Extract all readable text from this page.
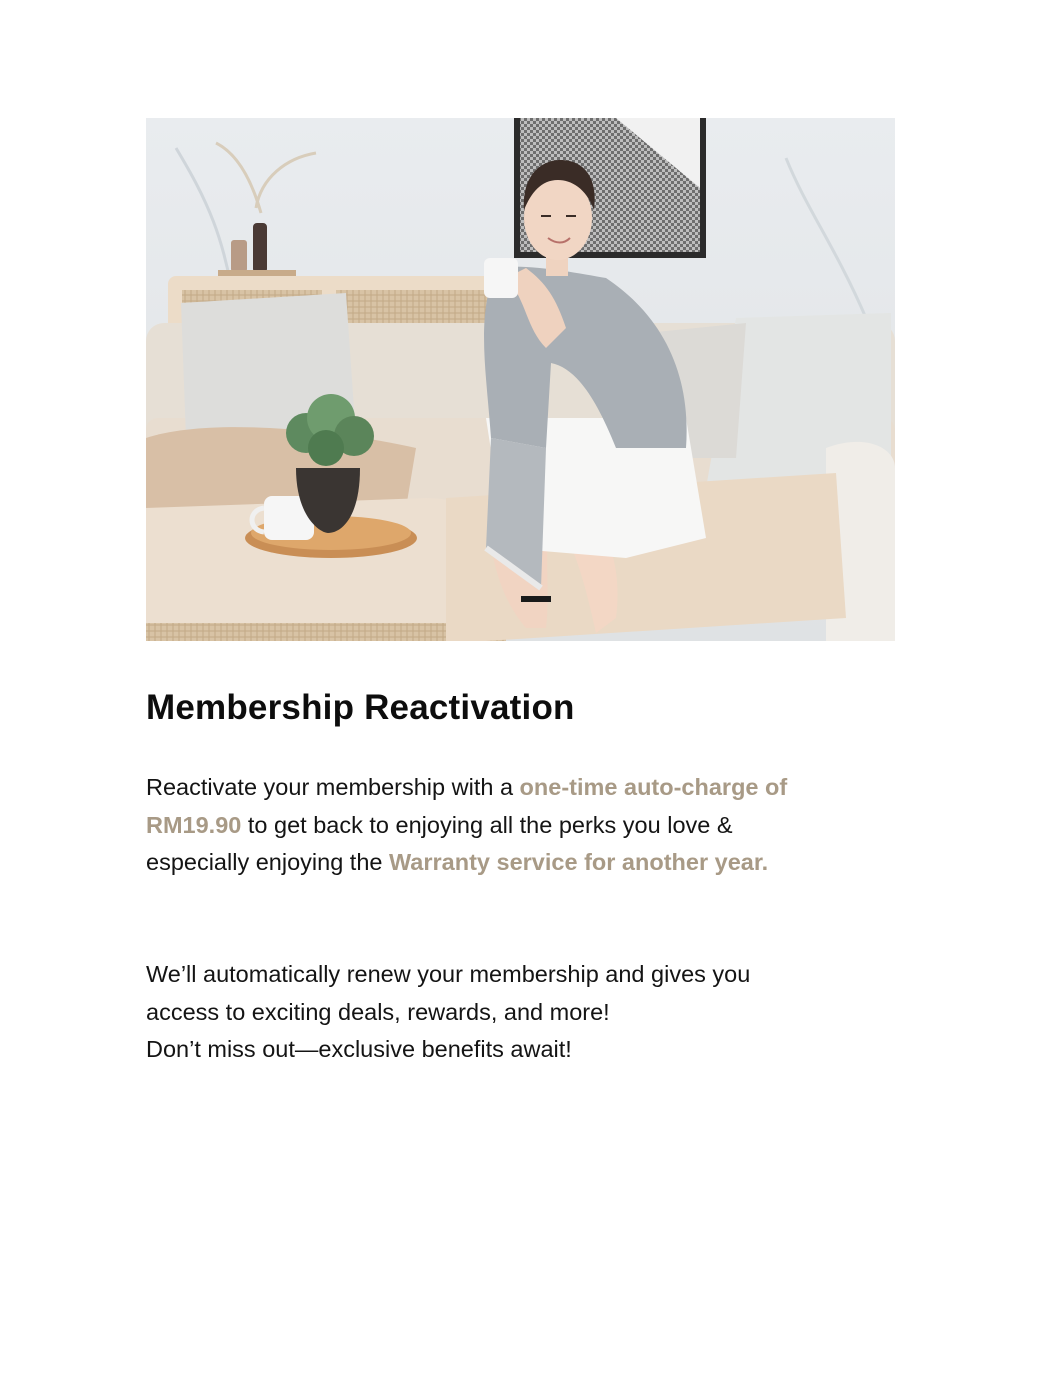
Membership Reactivation

Reactivate your membership with a one-time auto-charge of RM19.90 to get back to enjoying all the perks you love & especially enjoying the Warranty service for another year.

We’ll automatically renew your membership and gives you access to exciting deals, rewards, and more!
Don’t miss out—exclusive benefits await!
